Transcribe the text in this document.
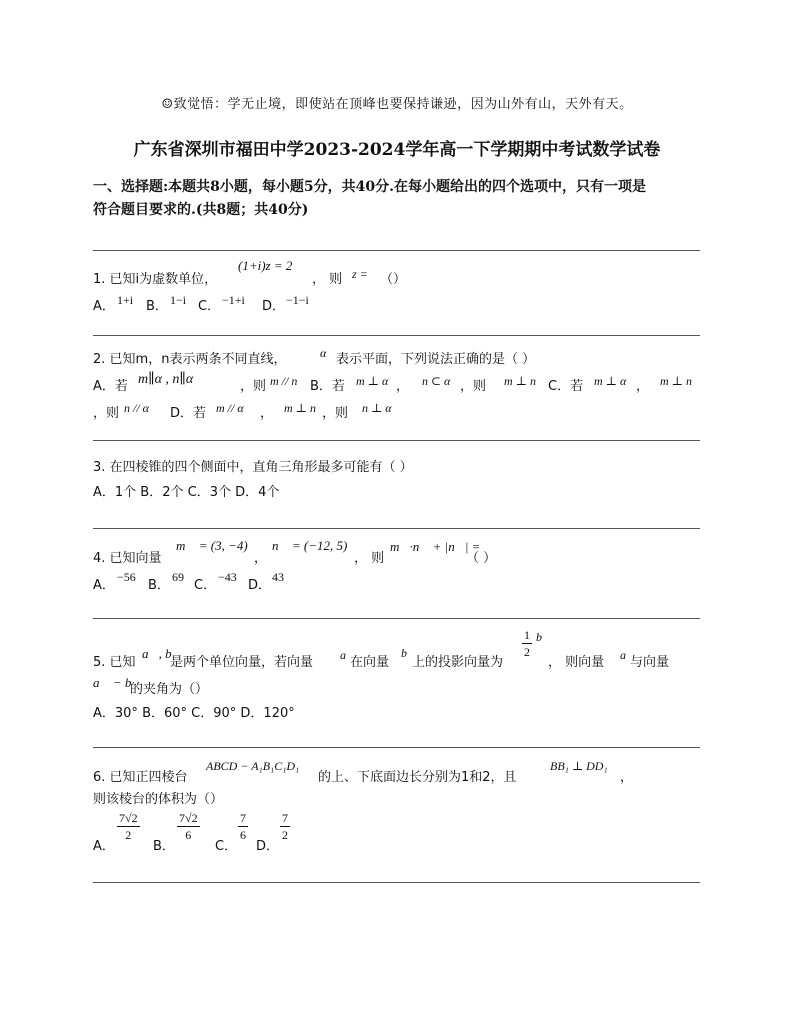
☺致觉悟：学无止境，即使站在顶峰也要保持谦逊，因为山外有山，天外有天。
广东省深圳市福田中学2023-2024学年高一下学期期中考试数学试卷
一、选择题:本题共8小题，每小题5分，共40分.在每小题给出的四个选项中，只有一项是
符合题目要求的.(共8题；共40分)
1. 已知i为虚数单位，
(1+i)z = 2
， 则 z = （）
A． 1+i B． 1−i C． −1+i D． −1−i
2. 已知m，n表示两条不同直线，	α 表示平面，下列说法正确的是（ ）
A．若 m∥α , n∥α	，则 m // n B．若 m ⊥ α ， n ⊂ α ，则 m ⊥ n C．若 m ⊥ α ， m ⊥ n
，则 n // α D．若 m // α ， m ⊥ n ，则 n ⊥ α
3. 在四棱锥的四个侧面中，直角三角形最多可能有（ ）
A．1个 B．2个 C．3个 D．4个
4. 已知向量
m⃗ = (3, −4)
，
n⃗ = (−12, 5)
， 则
m⃗·n⃗ + |n⃗| =
（ ）
A．
−56
B．
69
C．
−43
D．
43
5. 已知
a⃗, b⃗
是两个单位向量，若向量 a⃗
在向量
b⃗
上的投影向量为
$\frac{1}{2}$ b⃗
， 则向量 a⃗
与向量
a⃗ − b⃗
的夹角为（）
A．30° B．60° C．90° D．120°
6. 已知正四棱台
ABCD − A₁B₁C₁D₁
的上、下底面边长分别为1和2，且
BB₁ ⊥ DD₁
，
则该棱台的体积为（）
A．
$\frac{7√2}{2}$
B．
$\frac{7√2}{6}$
C．
$\frac{7}{6}$
D．
$\frac{7}{2}$
